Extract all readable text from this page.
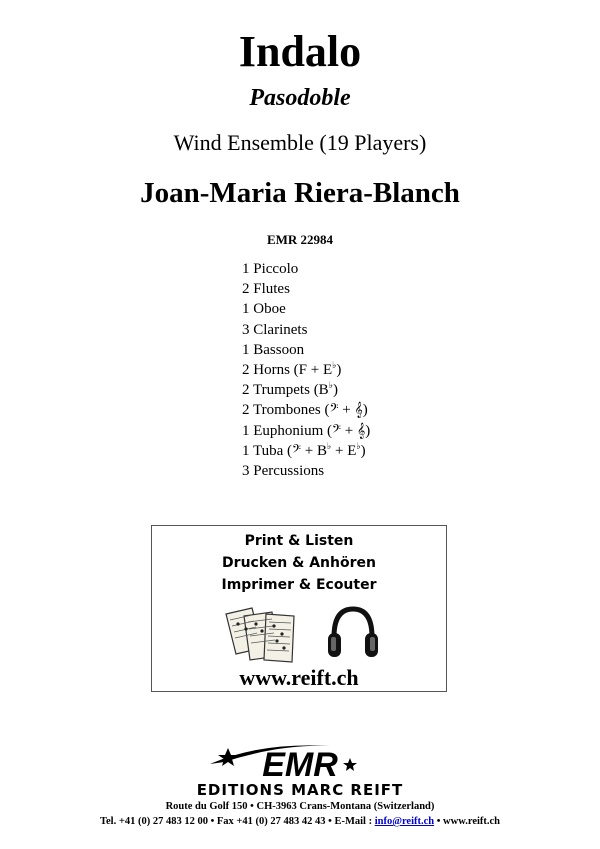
Indalo
Pasodoble
Wind Ensemble (19 Players)
Joan-Maria Riera-Blanch
EMR 22984
1 Piccolo
2 Flutes
1 Oboe
3 Clarinets
1 Bassoon
2 Horns (F + E♭)
2 Trumpets (B♭)
2 Trombones (𝄢 + 𝄞)
1 Euphonium (𝄢 + 𝄞)
1 Tuba (𝄢 + B♭ + E♭)
3 Percussions
Print & Listen
Drucken & Anhören
Imprimer & Ecouter
www.reift.ch
EMR
EDITIONS MARC REIFT
Route du Golf 150 • CH-3963 Crans-Montana (Switzerland)
Tel. +41 (0) 27 483 12 00 • Fax +41 (0) 27 483 42 43 • E-Mail : info@reift.ch • www.reift.ch
